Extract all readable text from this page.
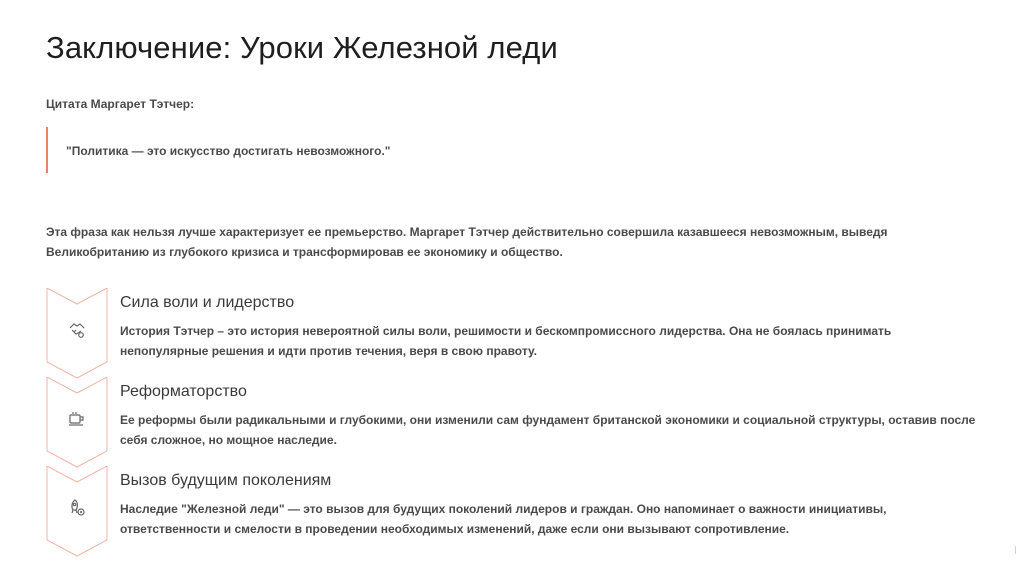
Заключение: Уроки Железной леди
Цитата Маргарет Тэтчер:
"Политика — это искусство достигать невозможного."
Эта фраза как нельзя лучше характеризует ее премьерство. Маргарет Тэтчер действительно совершила казавшееся невозможным, выведя Великобританию из глубокого кризиса и трансформировав ее экономику и общество.
Сила воли и лидерство
История Тэтчер – это история невероятной силы воли, решимости и бескомпромиссного лидерства. Она не боялась принимать непопулярные решения и идти против течения, веря в свою правоту.
Реформаторство
Ее реформы были радикальными и глубокими, они изменили сам фундамент британской экономики и социальной структуры, оставив после себя сложное, но мощное наследие.
Вызов будущим поколениям
Наследие "Железной леди" — это вызов для будущих поколений лидеров и граждан. Оно напоминает о важности инициативы, ответственности и смелости в проведении необходимых изменений, даже если они вызывают сопротивление.
